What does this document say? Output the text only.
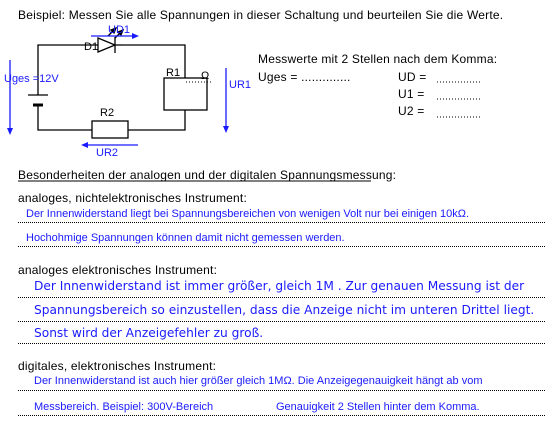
Beispiel: Messen Sie alle Spannungen in dieser Schaltung und beurteilen Sie die Werte.
UD1
D1
Uges =12V	R1 Ω
UR1
R2
UR2
Messwerte mit 2 Stellen nach dem Komma:
Uges = ..............	UD =
U1 =
U2 =
Besonderheiten der analogen und der digitalen Spannungsmessung:
analoges, nichtelektronisches Instrument:
Der Innenwiderstand liegt bei Spannungsbereichen von wenigen Volt nur bei einigen 10kΩ.
Hochohmige Spannungen können damit nicht gemessen werden.
analoges elektronisches Instrument:
Der Innenwiderstand ist immer größer, gleich 1M . Zur genauen Messung ist der
Spannungsbereich so einzustellen, dass die Anzeige nicht im unteren Drittel liegt.
Sonst wird der Anzeigefehler zu groß.
digitales, elektronisches Instrument:
Der Innenwiderstand ist auch hier größer gleich 1MΩ. Die Anzeigegenauigkeit hängt ab vom
Messbereich. Beispiel: 300V-Bereich	Genauigkeit 2 Stellen hinter dem Komma.
